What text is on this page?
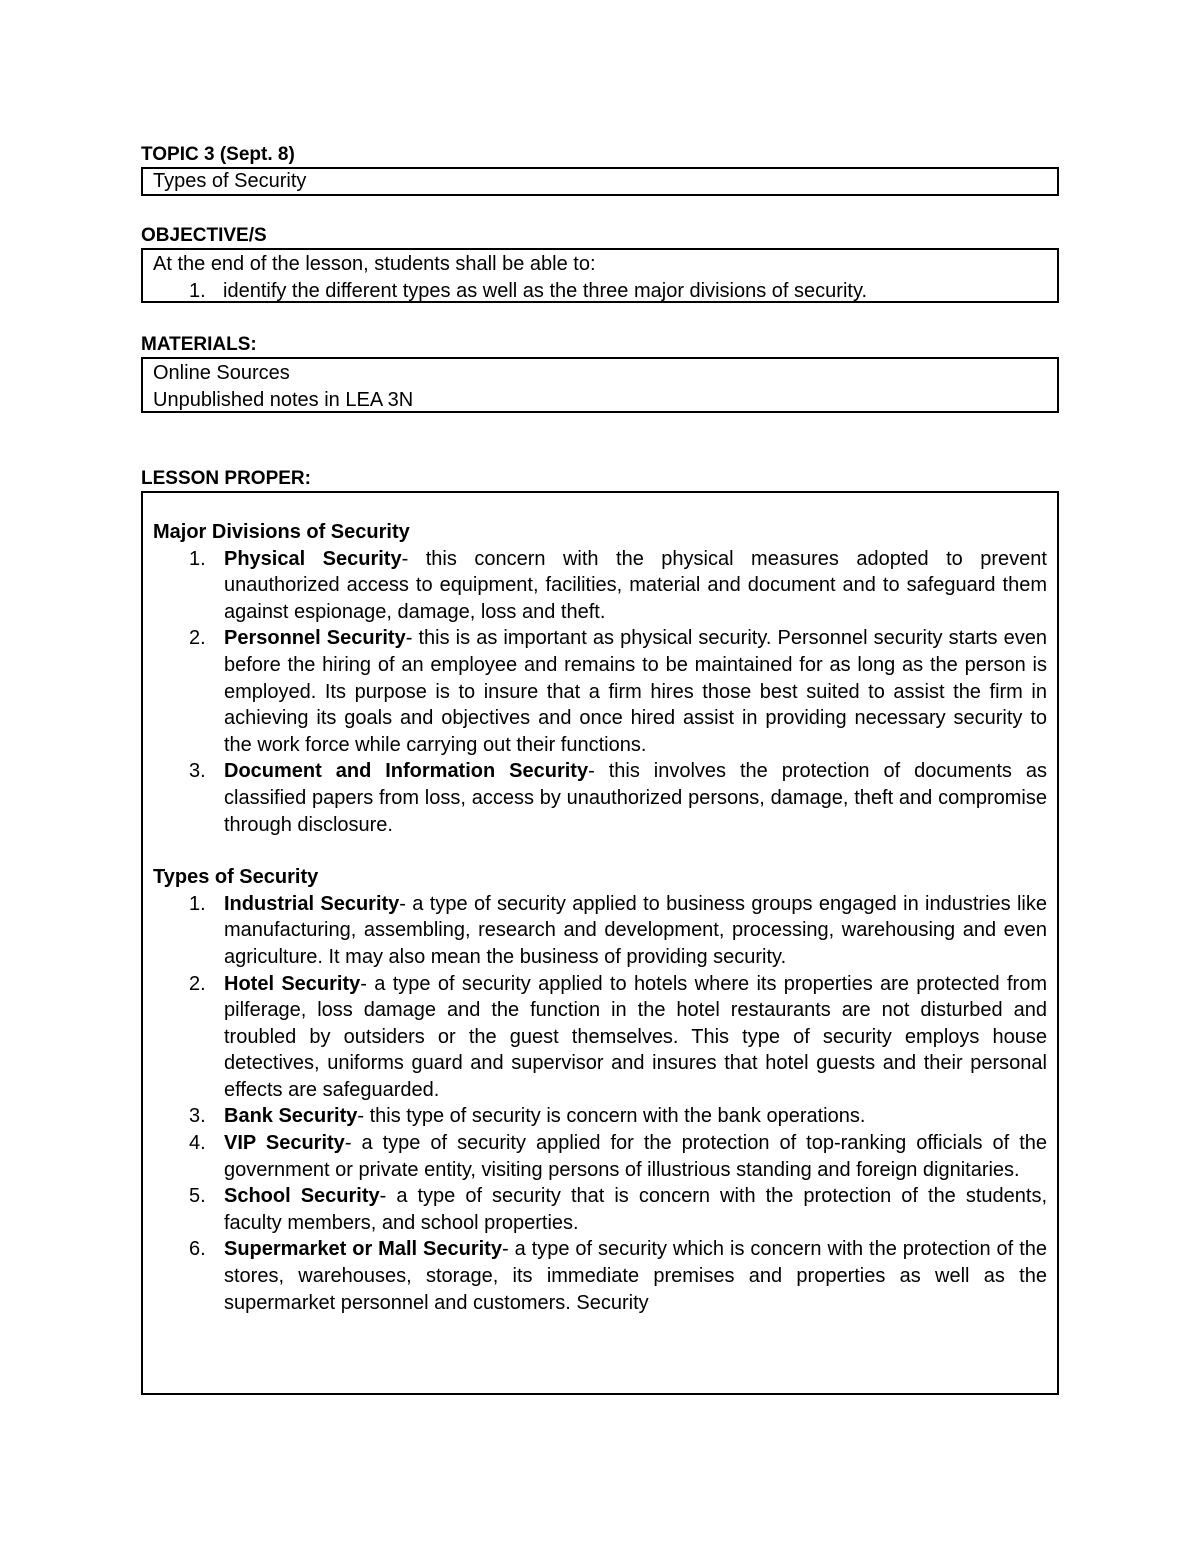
TOPIC 3 (Sept. 8)

Types of Security

OBJECTIVE/S

At the end of the lesson, students shall be able to:
1. identify the different types as well as the three major divisions of security.

MATERIALS:

Online Sources
Unpublished notes in LEA 3N

LESSON PROPER:

Major Divisions of Security
1. Physical Security- this concern with the physical measures adopted to prevent unauthorized access to equipment, facilities, material and document and to safeguard them against espionage, damage, loss and theft.
2. Personnel Security- this is as important as physical security. Personnel security starts even before the hiring of an employee and remains to be maintained for as long as the person is employed. Its purpose is to insure that a firm hires those best suited to assist the firm in achieving its goals and objectives and once hired assist in providing necessary security to the work force while carrying out their functions.
3. Document and Information Security- this involves the protection of documents as classified papers from loss, access by unauthorized persons, damage, theft and compromise through disclosure.
Types of Security
1. Industrial Security- a type of security applied to business groups engaged in industries like manufacturing, assembling, research and development, processing, warehousing and even agriculture. It may also mean the business of providing security.
2. Hotel Security- a type of security applied to hotels where its properties are protected from pilferage, loss damage and the function in the hotel restaurants are not disturbed and troubled by outsiders or the guest themselves. This type of security employs house detectives, uniforms guard and supervisor and insures that hotel guests and their personal effects are safeguarded.
3. Bank Security- this type of security is concern with the bank operations.
4. VIP Security- a type of security applied for the protection of top-ranking officials of the government or private entity, visiting persons of illustrious standing and foreign dignitaries.
5. School Security- a type of security that is concern with the protection of the students, faculty members, and school properties.
6. Supermarket or Mall Security- a type of security which is concern with the protection of the stores, warehouses, storage, its immediate premises and properties as well as the supermarket personnel and customers. Security
